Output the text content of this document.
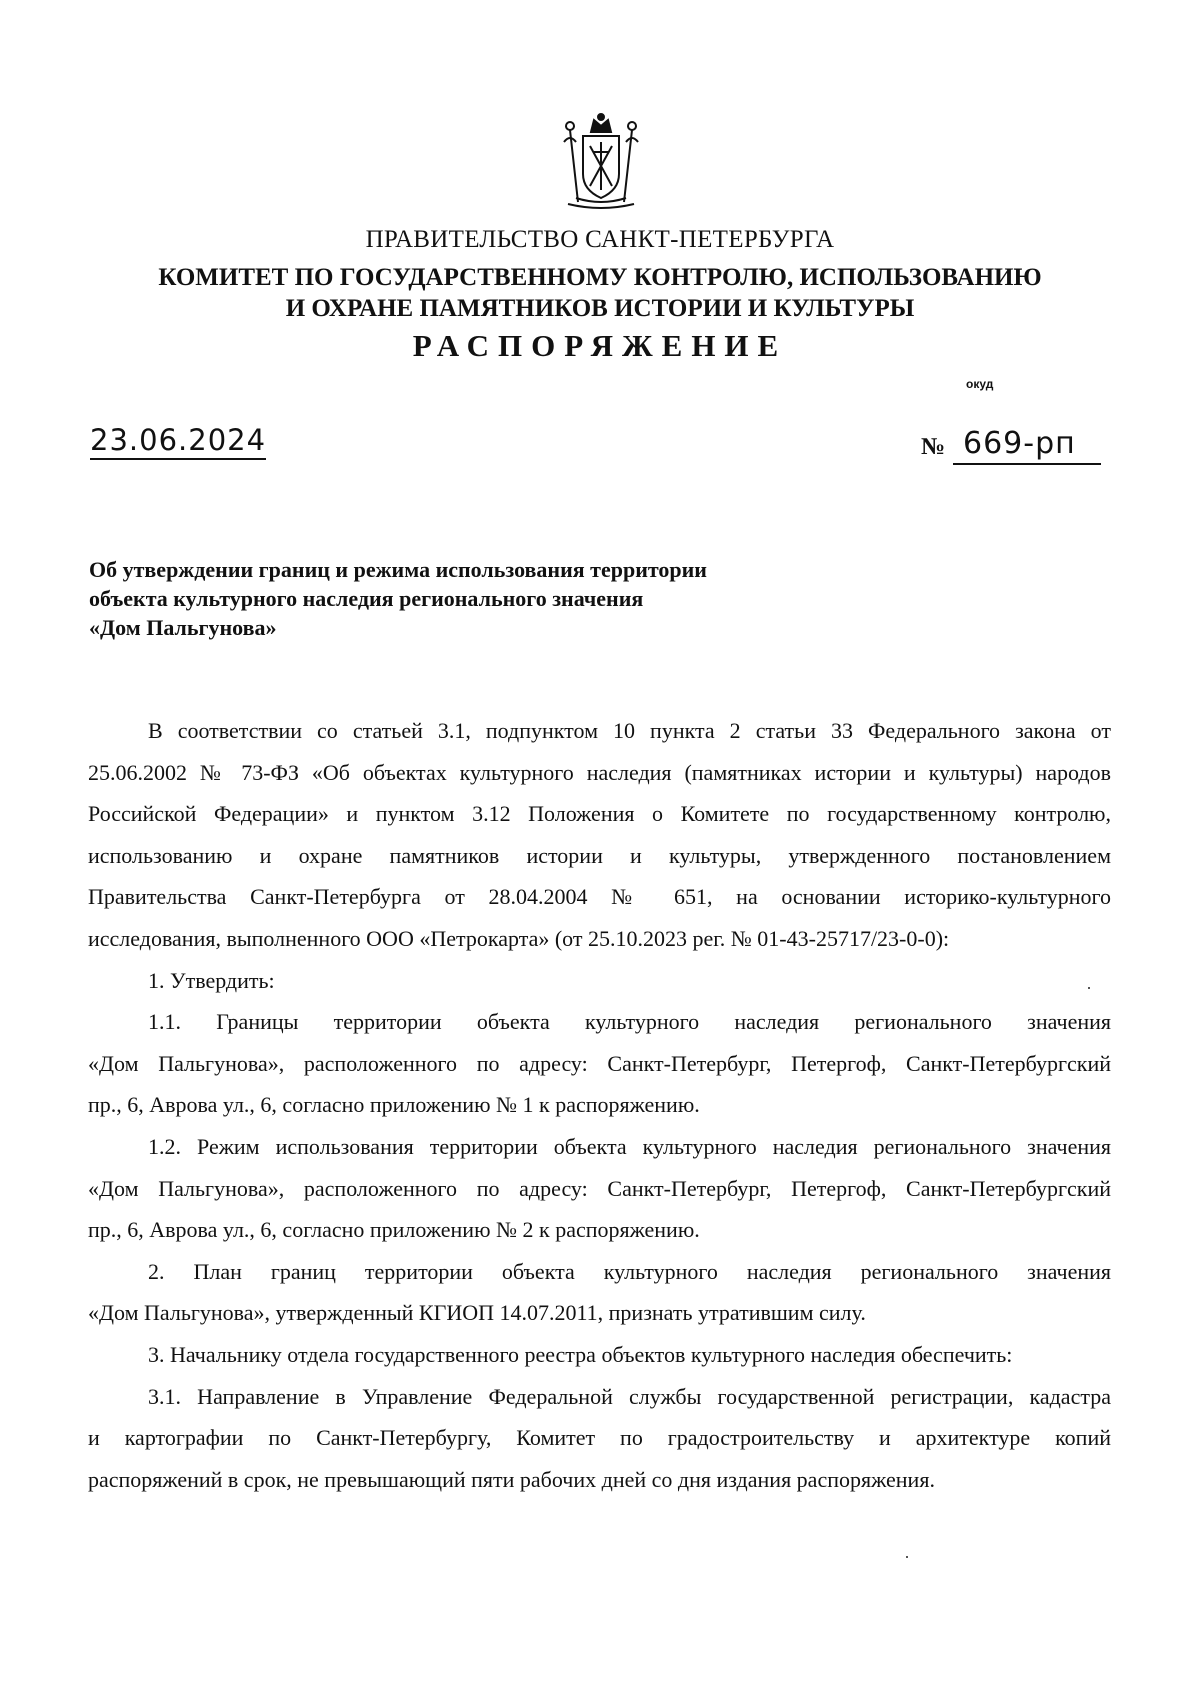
ПРАВИТЕЛЬСТВО САНКТ-ПЕТЕРБУРГА
КОМИТЕТ ПО ГОСУДАРСТВЕННОМУ КОНТРОЛЮ, ИСПОЛЬЗОВАНИЮ
И ОХРАНЕ ПАМЯТНИКОВ ИСТОРИИ И КУЛЬТУРЫ
РАСПОРЯЖЕНИЕ
окуд
23.06.2024	№ 669-рп
Об утверждении границ и режима использования территории
объекта культурного наследия регионального значения
«Дом Пальгунова»
В соответствии со статьей 3.1, подпунктом 10 пункта 2 статьи 33 Федерального закона от
25.06.2002 № 73-ФЗ «Об объектах культурного наследия (памятниках истории и культуры) народов
Российской Федерации» и пунктом 3.12 Положения о Комитете по государственному контролю,
использованию и охране памятников истории и культуры, утвержденного постановлением
Правительства Санкт-Петербурга от 28.04.2004 № 651, на основании историко-культурного
исследования, выполненного ООО «Петрокарта» (от 25.10.2023 рег. № 01-43-25717/23-0-0):
1. Утвердить:
1.1. Границы территории объекта культурного наследия регионального значения
«Дом Пальгунова», расположенного по адресу: Санкт-Петербург, Петергоф, Санкт-Петербургский
пр., 6, Аврова ул., 6, согласно приложению № 1 к распоряжению.
1.2. Режим использования территории объекта культурного наследия регионального значения
«Дом Пальгунова», расположенного по адресу: Санкт-Петербург, Петергоф, Санкт-Петербургский
пр., 6, Аврова ул., 6, согласно приложению № 2 к распоряжению.
2. План границ территории объекта культурного наследия регионального значения
«Дом Пальгунова», утвержденный КГИОП 14.07.2011, признать утратившим силу.
3. Начальнику отдела государственного реестра объектов культурного наследия обеспечить:
3.1. Направление в Управление Федеральной службы государственной регистрации, кадастра
и картографии по Санкт-Петербургу, Комитет по градостроительству и архитектуре копий
распоряжений в срок, не превышающий пяти рабочих дней со дня издания распоряжения.
